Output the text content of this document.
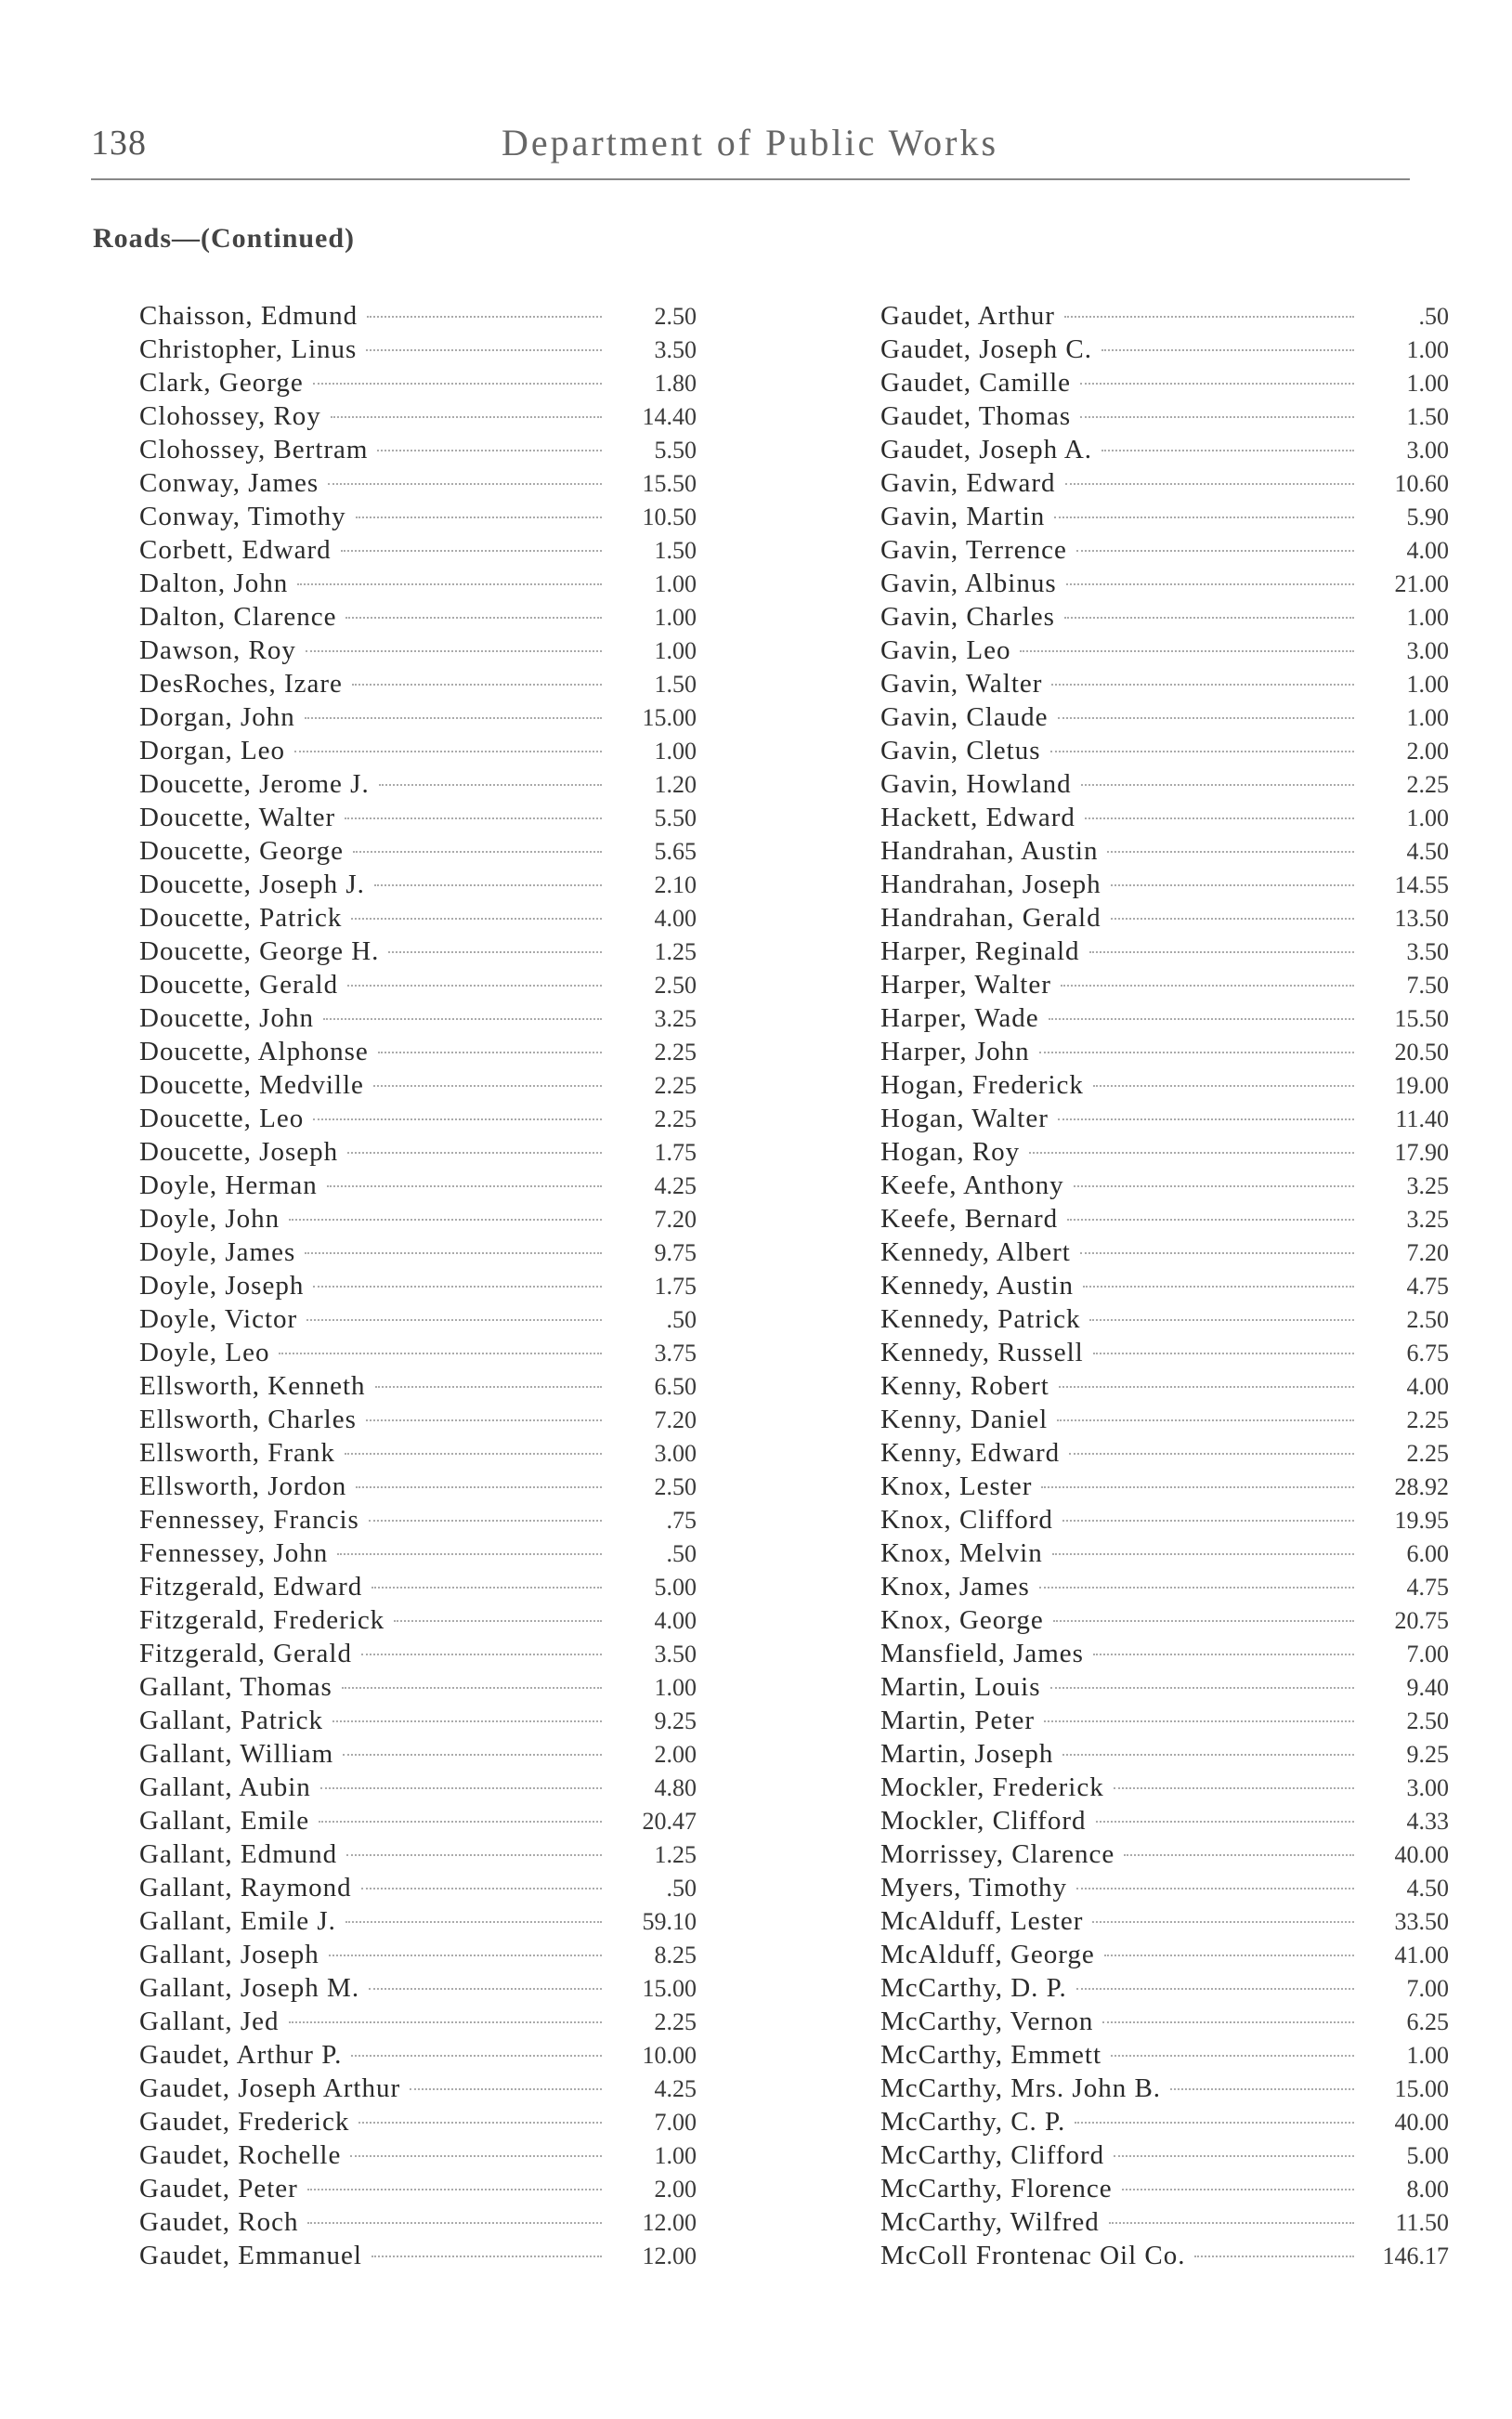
138	Department of Public Works
Roads—(Continued)
Chaisson, Edmund	2.50
Christopher, Linus	3.50
Clark, George	1.80
Clohossey, Roy	14.40
Clohossey, Bertram	5.50
Conway, James	15.50
Conway, Timothy	10.50
Corbett, Edward	1.50
Dalton, John	1.00
Dalton, Clarence	1.00
Dawson, Roy	1.00
DesRoches, Izare	1.50
Dorgan, John	15.00
Dorgan, Leo	1.00
Doucette, Jerome J.	1.20
Doucette, Walter	5.50
Doucette, George	5.65
Doucette, Joseph J.	2.10
Doucette, Patrick	4.00
Doucette, George H.	1.25
Doucette, Gerald	2.50
Doucette, John	3.25
Doucette, Alphonse	2.25
Doucette, Medville	2.25
Doucette, Leo	2.25
Doucette, Joseph	1.75
Doyle, Herman	4.25
Doyle, John	7.20
Doyle, James	9.75
Doyle, Joseph	1.75
Doyle, Victor	.50
Doyle, Leo	3.75
Ellsworth, Kenneth	6.50
Ellsworth, Charles	7.20
Ellsworth, Frank	3.00
Ellsworth, Jordon	2.50
Fennessey, Francis	.75
Fennessey, John	.50
Fitzgerald, Edward	5.00
Fitzgerald, Frederick	4.00
Fitzgerald, Gerald	3.50
Gallant, Thomas	1.00
Gallant, Patrick	9.25
Gallant, William	2.00
Gallant, Aubin	4.80
Gallant, Emile	20.47
Gallant, Edmund	1.25
Gallant, Raymond	.50
Gallant, Emile J.	59.10
Gallant, Joseph	8.25
Gallant, Joseph M.	15.00
Gallant, Jed	2.25
Gaudet, Arthur P.	10.00
Gaudet, Joseph Arthur	4.25
Gaudet, Frederick	7.00
Gaudet, Rochelle	1.00
Gaudet, Peter	2.00
Gaudet, Roch	12.00
Gaudet, Emmanuel	12.00
Gaudet, Arthur	.50
Gaudet, Joseph C.	1.00
Gaudet, Camille	1.00
Gaudet, Thomas	1.50
Gaudet, Joseph A.	3.00
Gavin, Edward	10.60
Gavin, Martin	5.90
Gavin, Terrence	4.00
Gavin, Albinus	21.00
Gavin, Charles	1.00
Gavin, Leo	3.00
Gavin, Walter	1.00
Gavin, Claude	1.00
Gavin, Cletus	2.00
Gavin, Howland	2.25
Hackett, Edward	1.00
Handrahan, Austin	4.50
Handrahan, Joseph	14.55
Handrahan, Gerald	13.50
Harper, Reginald	3.50
Harper, Walter	7.50
Harper, Wade	15.50
Harper, John	20.50
Hogan, Frederick	19.00
Hogan, Walter	11.40
Hogan, Roy	17.90
Keefe, Anthony	3.25
Keefe, Bernard	3.25
Kennedy, Albert	7.20
Kennedy, Austin	4.75
Kennedy, Patrick	2.50
Kennedy, Russell	6.75
Kenny, Robert	4.00
Kenny, Daniel	2.25
Kenny, Edward	2.25
Knox, Lester	28.92
Knox, Clifford	19.95
Knox, Melvin	6.00
Knox, James	4.75
Knox, George	20.75
Mansfield, James	7.00
Martin, Louis	9.40
Martin, Peter	2.50
Martin, Joseph	9.25
Mockler, Frederick	3.00
Mockler, Clifford	4.33
Morrissey, Clarence	40.00
Myers, Timothy	4.50
McAlduff, Lester	33.50
McAlduff, George	41.00
McCarthy, D. P.	7.00
McCarthy, Vernon	6.25
McCarthy, Emmett	1.00
McCarthy, Mrs. John B.	15.00
McCarthy, C. P.	40.00
McCarthy, Clifford	5.00
McCarthy, Florence	8.00
McCarthy, Wilfred	11.50
McColl Frontenac Oil Co.	146.17
